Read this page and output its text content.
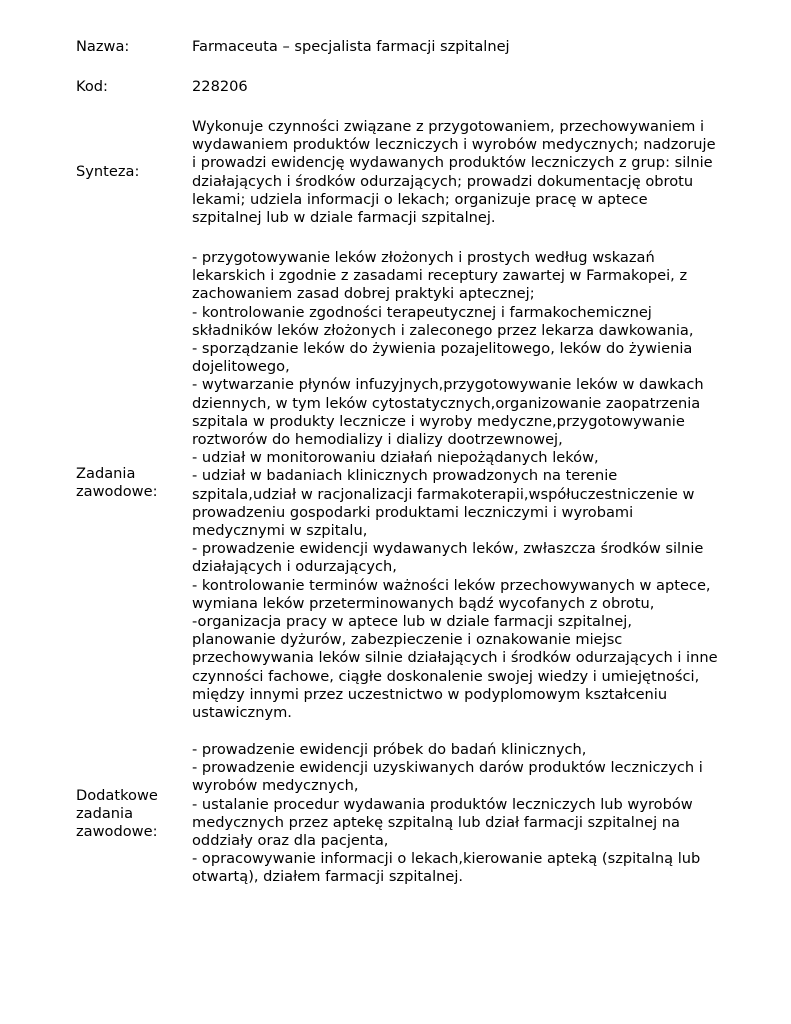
Nazwa:	Farmaceuta – specjalista farmacji szpitalnej
Kod:	228206
Synteza:
Wykonuje czynności związane z przygotowaniem, przechowywaniem i
wydawaniem produktów leczniczych i wyrobów medycznych; nadzoruje
i prowadzi ewidencję wydawanych produktów leczniczych z grup: silnie
działających i środków odurzających; prowadzi dokumentację obrotu
lekami; udziela informacji o lekach; organizuje pracę w aptece
szpitalnej lub w dziale farmacji szpitalnej.
Zadania
zawodowe:
- przygotowywanie leków złożonych i prostych według wskazań
lekarskich i zgodnie z zasadami receptury zawartej w Farmakopei, z
zachowaniem zasad dobrej praktyki aptecznej;
- kontrolowanie zgodności terapeutycznej i farmakochemicznej
składników leków złożonych i zaleconego przez lekarza dawkowania,
- sporządzanie leków do żywienia pozajelitowego, leków do żywienia
dojelitowego,
- wytwarzanie płynów infuzyjnych,przygotowywanie leków w dawkach
dziennych, w tym leków cytostatycznych,organizowanie zaopatrzenia
szpitala w produkty lecznicze i wyroby medyczne,przygotowywanie
roztworów do hemodializy i dializy dootrzewnowej,
- udział w monitorowaniu działań niepożądanych leków,
- udział w badaniach klinicznych prowadzonych na terenie
szpitala,udział w racjonalizacji farmakoterapii,współuczestniczenie w
prowadzeniu gospodarki produktami leczniczymi i wyrobami
medycznymi w szpitalu,
- prowadzenie ewidencji wydawanych leków, zwłaszcza środków silnie
działających i odurzających,
- kontrolowanie terminów ważności leków przechowywanych w aptece,
wymiana leków przeterminowanych bądź wycofanych z obrotu,
-organizacja pracy w aptece lub w dziale farmacji szpitalnej,
planowanie dyżurów, zabezpieczenie i oznakowanie miejsc
przechowywania leków silnie działających i środków odurzających i inne
czynności fachowe, ciągłe doskonalenie swojej wiedzy i umiejętności,
między innymi przez uczestnictwo w podyplomowym kształceniu
ustawicznym.
Dodatkowe
zadania
zawodowe:
- prowadzenie ewidencji próbek do badań klinicznych,
- prowadzenie ewidencji uzyskiwanych darów produktów leczniczych i
wyrobów medycznych,
- ustalanie procedur wydawania produktów leczniczych lub wyrobów
medycznych przez aptekę szpitalną lub dział farmacji szpitalnej na
oddziały oraz dla pacjenta,
- opracowywanie informacji o lekach,kierowanie apteką (szpitalną lub
otwartą), działem farmacji szpitalnej.
